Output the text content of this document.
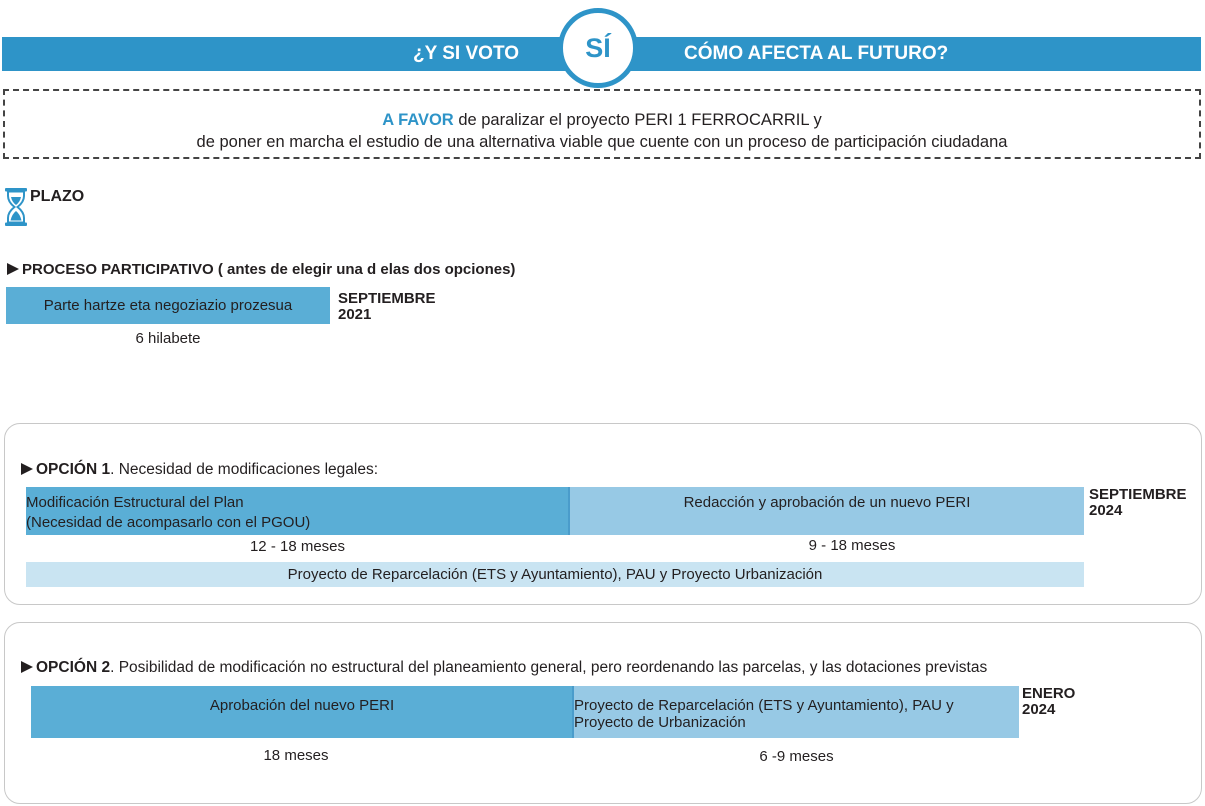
¿Y SI VOTO SÍ	CÓMO AFECTA AL FUTURO?
A FAVOR de paralizar el proyecto PERI 1 FERROCARRIL y
de poner en marcha el estudio de una alternativa viable que cuente con un proceso de participación ciudadana
PLAZO
PROCESO PARTICIPATIVO ( antes de elegir una d elas dos opciones)
Parte hartze eta negoziazio prozesua
6 hilabete
SEPTIEMBRE
2021
OPCIÓN 1. Necesidad de modificaciones legales:
Modificación Estructural del Plan
(Necesidad de acompasarlo con el PGOU)
Redacción y aprobación de un nuevo PERI
12 - 18 meses	9 - 18 meses
Proyecto de Reparcelación (ETS y Ayuntamiento), PAU y Proyecto Urbanización
SEPTIEMBRE
2024
OPCIÓN 2. Posibilidad de modificación no estructural del planeamiento general, pero reordenando las parcelas, y las dotaciones previstas
Aprobación del nuevo PERI	Proyecto de Reparcelación (ETS y Ayuntamiento), PAU y
Proyecto de Urbanización
18 meses	6 -9 meses
ENERO
2024
